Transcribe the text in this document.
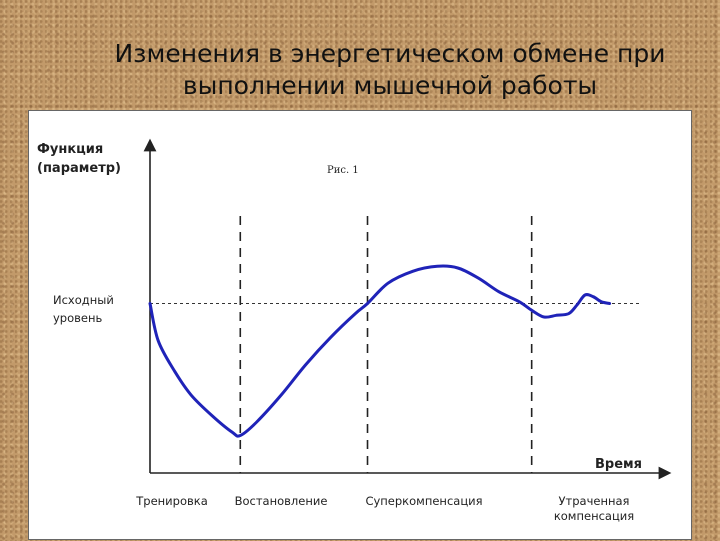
Изменения в энергетическом обмене при
выполнении мышечной работы
Функция
(параметр)	Рис. 1
Исходный
уровень
Время
Тренировка Востановление	Суперкомпенсация	Утраченная
компенсация
